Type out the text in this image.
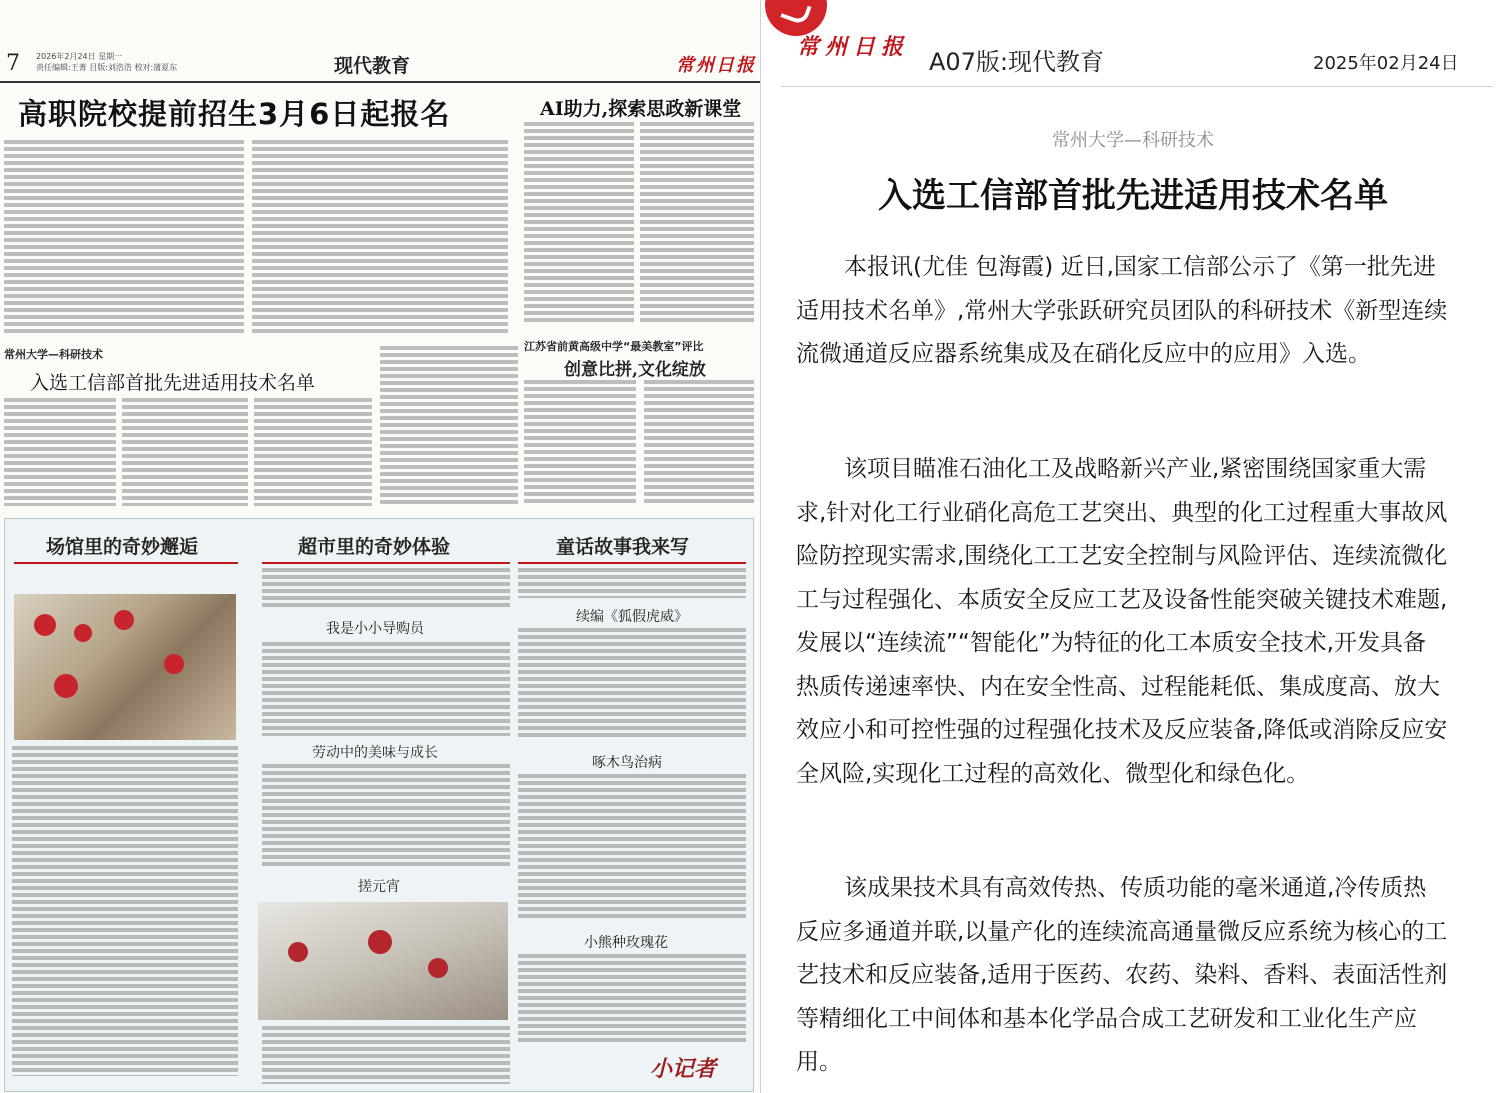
7 2026年2月24日 星期一
责任编辑:王菁 目版:刘浩浩 校对:蒲夏东	现代教育	常州日报
高职院校提前招生3月6日起报名	AI助力,探索思政新课堂
常州大学—科研技术
入选工信部首批先进适用技术名单
江苏省前黄高级中学“最美教室”评比
创意比拼,文化绽放
场馆里的奇妙邂逅	超市里的奇妙体验	童话故事我来写
我是小小导购员
劳动中的美味与成长
搓元宵
续编《狐假虎威》
啄木鸟治病
小熊种玫瑰花
小记者
常州日报
A07版:现代教育	2025年02月24日
常州大学—科研技术
入选工信部首批先进适用技术名单

本报讯(尤佳 包海霞) 近日,国家工信部公示了《第一批先进适用技术名单》,常州大学张跃研究员团队的科研技术《新型连续流微通道反应器系统集成及在硝化反应中的应用》入选。

该项目瞄准石油化工及战略新兴产业,紧密围绕国家重大需求,针对化工行业硝化高危工艺突出、典型的化工过程重大事故风险防控现实需求,围绕化工工艺安全控制与风险评估、连续流微化工与过程强化、本质安全反应工艺及设备性能突破关键技术难题,发展以“连续流”“智能化”为特征的化工本质安全技术,开发具备热质传递速率快、内在安全性高、过程能耗低、集成度高、放大效应小和可控性强的过程强化技术及反应装备,降低或消除反应安全风险,实现化工过程的高效化、微型化和绿色化。

该成果技术具有高效传热、传质功能的毫米通道,冷传质热反应多通道并联,以量产化的连续流高通量微反应系统为核心的工艺技术和反应装备,适用于医药、农药、染料、香料、表面活性剂等精细化工中间体和基本化学品合成工艺研发和工业化生产应用。
